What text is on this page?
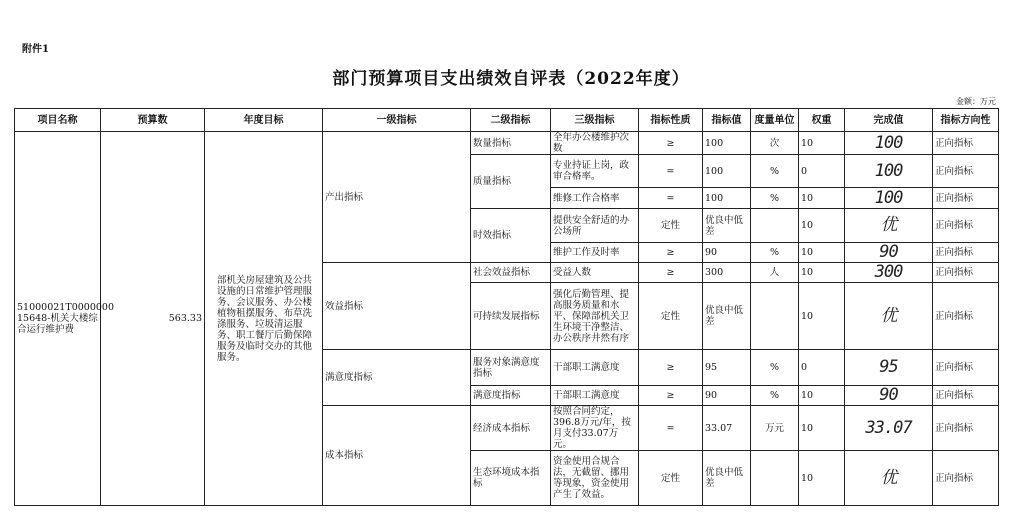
附件1
部门预算项目支出绩效自评表（2022年度）
金额：万元
项目名称	预算数	年度目标	一级指标	二级指标	三级指标	指标性质	指标值	度量单位	权重	完成值	指标方向性
51000021T0000000 15648-机关大楼综合运行维护费	563.33	部机关房屋建筑及公共设施的日常维护管理服务、会议服务、办公楼植物租摆服务、布草洗涤服务、垃圾清运服务、职工餐厅后勤保障服务及临时交办的其他服务。	产出指标	数量指标	全年办公楼维护次数	≥	100	次	10	100	正向指标
				质量指标	专业持证上岗，政审合格率。	=	100	%	0	100	正向指标
					维修工作合格率	=	100	%	10	100	正向指标
				时效指标	提供安全舒适的办公场所	定性	优良中低差		10	优	正向指标
					维护工作及时率	≥	90	%	10	90	正向指标
			效益指标	社会效益指标	受益人数	≥	300	人	10	300	正向指标
				可持续发展指标	强化后勤管理、提高服务质量和水平、保障部机关卫生环境干净整洁、办公秩序井然有序	定性	优良中低差		10	优	正向指标
			满意度指标	服务对象满意度指标	干部职工满意度	≥	95	%	0	95	正向指标
				满意度指标	干部职工满意度	≥	90	%	10	90	正向指标
			成本指标	经济成本指标	按照合同约定，396.8万元/年，按月支付33.07万元。	=	33.07	万元	10	33.07	正向指标
				生态环境成本指标	资金使用合规合法，无截留、挪用等现象，资金使用产生了效益。	定性	优良中低差		10	优	正向指标
